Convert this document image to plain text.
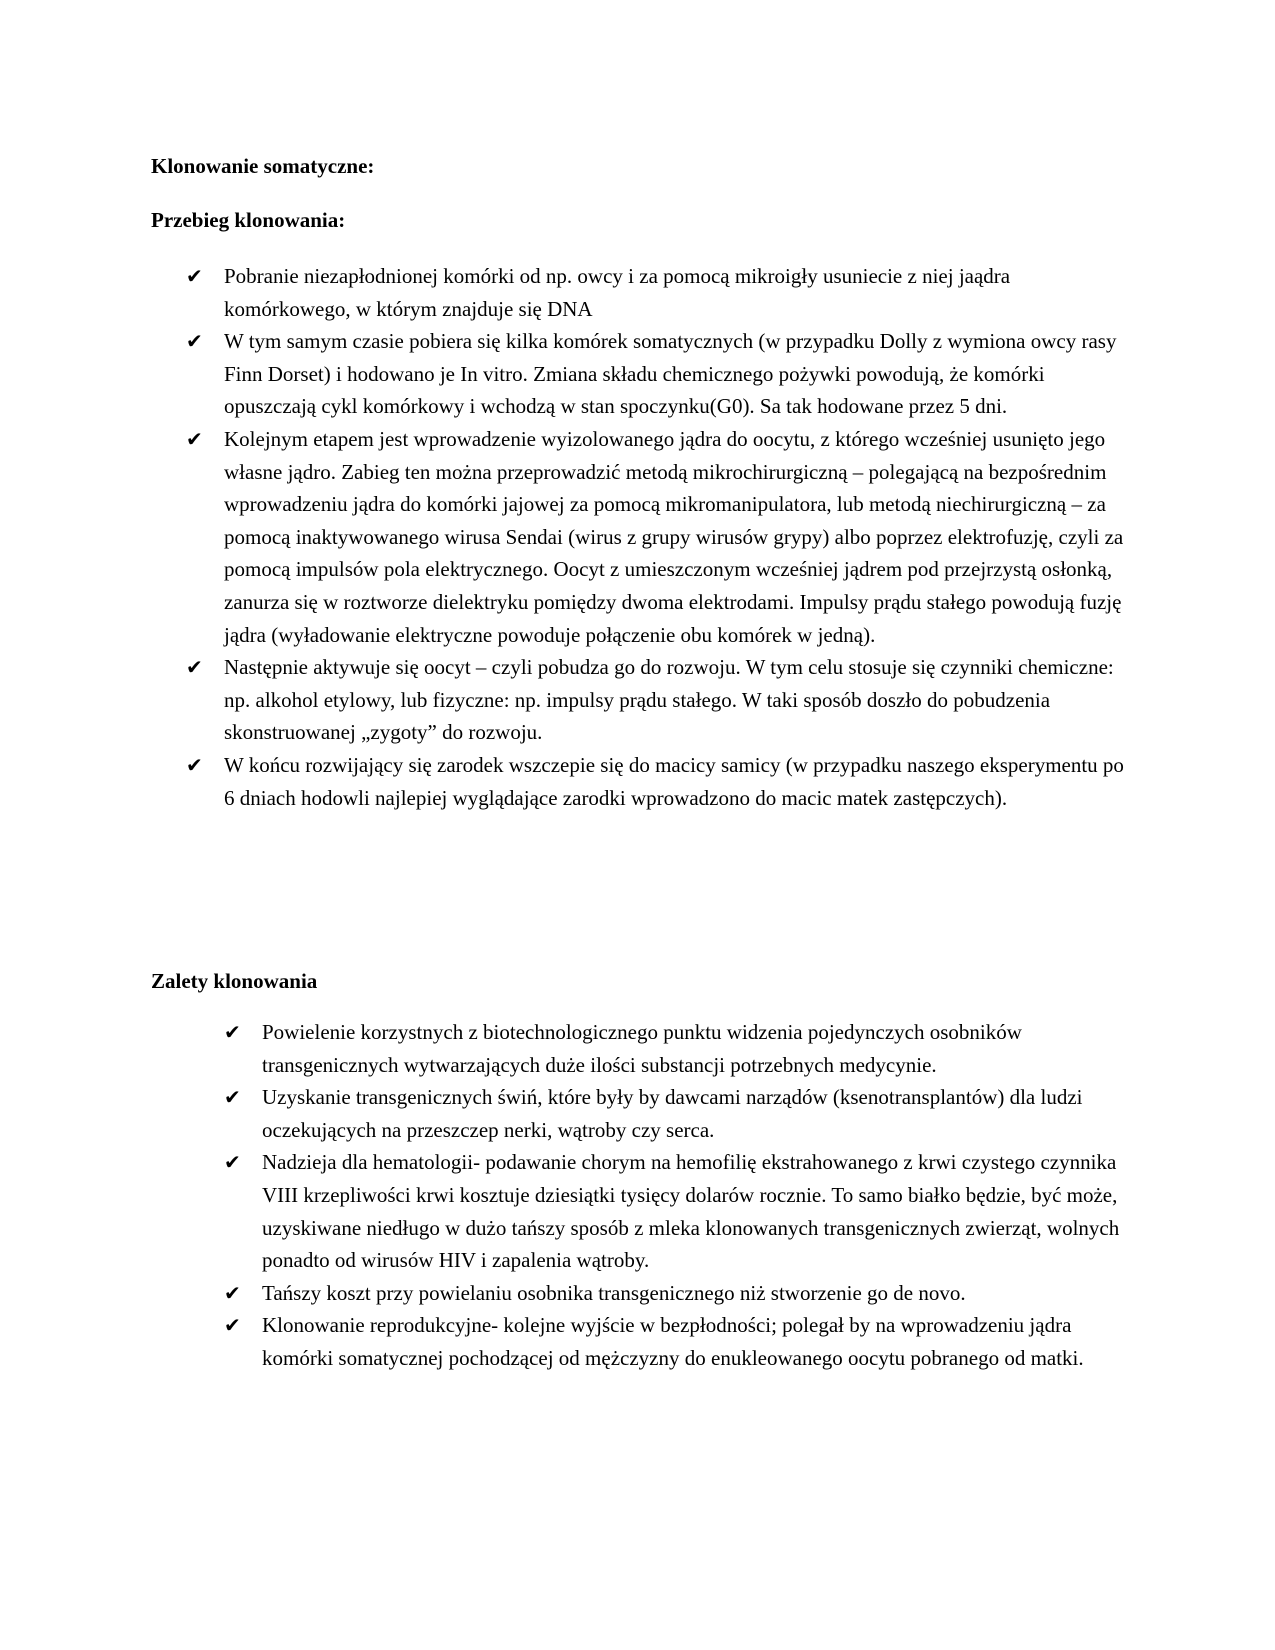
Klonowanie somatyczne:
Przebieg klonowania:
✔ Pobranie niezapłodnionej komórki od np. owcy i za pomocą mikroigły usuniecie z niej jaądra komórkowego, w którym znajduje się DNA
✔ W tym samym czasie pobiera się kilka komórek somatycznych (w przypadku Dolly z wymiona owcy rasy Finn Dorset) i hodowano je In vitro. Zmiana składu chemicznego pożywki powodują, że komórki opuszczają cykl komórkowy i wchodzą w stan spoczynku(G0). Sa tak hodowane przez 5 dni.
✔ Kolejnym etapem jest wprowadzenie wyizolowanego jądra do oocytu, z którego wcześniej usunięto jego własne jądro. Zabieg ten można przeprowadzić metodą mikrochirurgiczną – polegającą na bezpośrednim wprowadzeniu jądra do komórki jajowej za pomocą mikromanipulatora, lub metodą niechirurgiczną – za pomocą inaktywowanego wirusa Sendai (wirus z grupy wirusów grypy) albo poprzez elektrofuzję, czyli za pomocą impulsów pola elektrycznego. Oocyt z umieszczonym wcześniej jądrem pod przejrzystą osłonką, zanurza się w roztworze dielektryku pomiędzy dwoma elektrodami. Impulsy prądu stałego powodują fuzję jądra (wyładowanie elektryczne powoduje połączenie obu komórek w jedną).
✔ Następnie aktywuje się oocyt – czyli pobudza go do rozwoju. W tym celu stosuje się czynniki chemiczne: np. alkohol etylowy, lub fizyczne: np. impulsy prądu stałego. W taki sposób doszło do pobudzenia skonstruowanej „zygoty” do rozwoju.
✔ W końcu rozwijający się zarodek wszczepie się do macicy samicy (w przypadku naszego eksperymentu po 6 dniach hodowli najlepiej wyglądające zarodki wprowadzono do macic matek zastępczych).
Zalety klonowania
✔ Powielenie korzystnych z biotechnologicznego punktu widzenia pojedynczych osobników transgenicznych wytwarzających duże ilości substancji potrzebnych medycynie.
✔ Uzyskanie transgenicznych świń, które były by dawcami narządów (ksenotransplantów) dla ludzi oczekujących na przeszczep nerki, wątroby czy serca.
✔ Nadzieja dla hematologii- podawanie chorym na hemofilię ekstrahowanego z krwi czystego czynnika VIII krzepliwości krwi kosztuje dziesiątki tysięcy dolarów rocznie. To samo białko będzie, być może, uzyskiwane niedługo w dużo tańszy sposób z mleka klonowanych transgenicznych zwierząt, wolnych ponadto od wirusów HIV i zapalenia wątroby.
✔ Tańszy koszt przy powielaniu osobnika transgenicznego niż stworzenie go de novo.
✔ Klonowanie reprodukcyjne- kolejne wyjście w bezpłodności; polegał by na wprowadzeniu jądra komórki somatycznej pochodzącej od mężczyzny do enukleowanego oocytu pobranego od matki.
